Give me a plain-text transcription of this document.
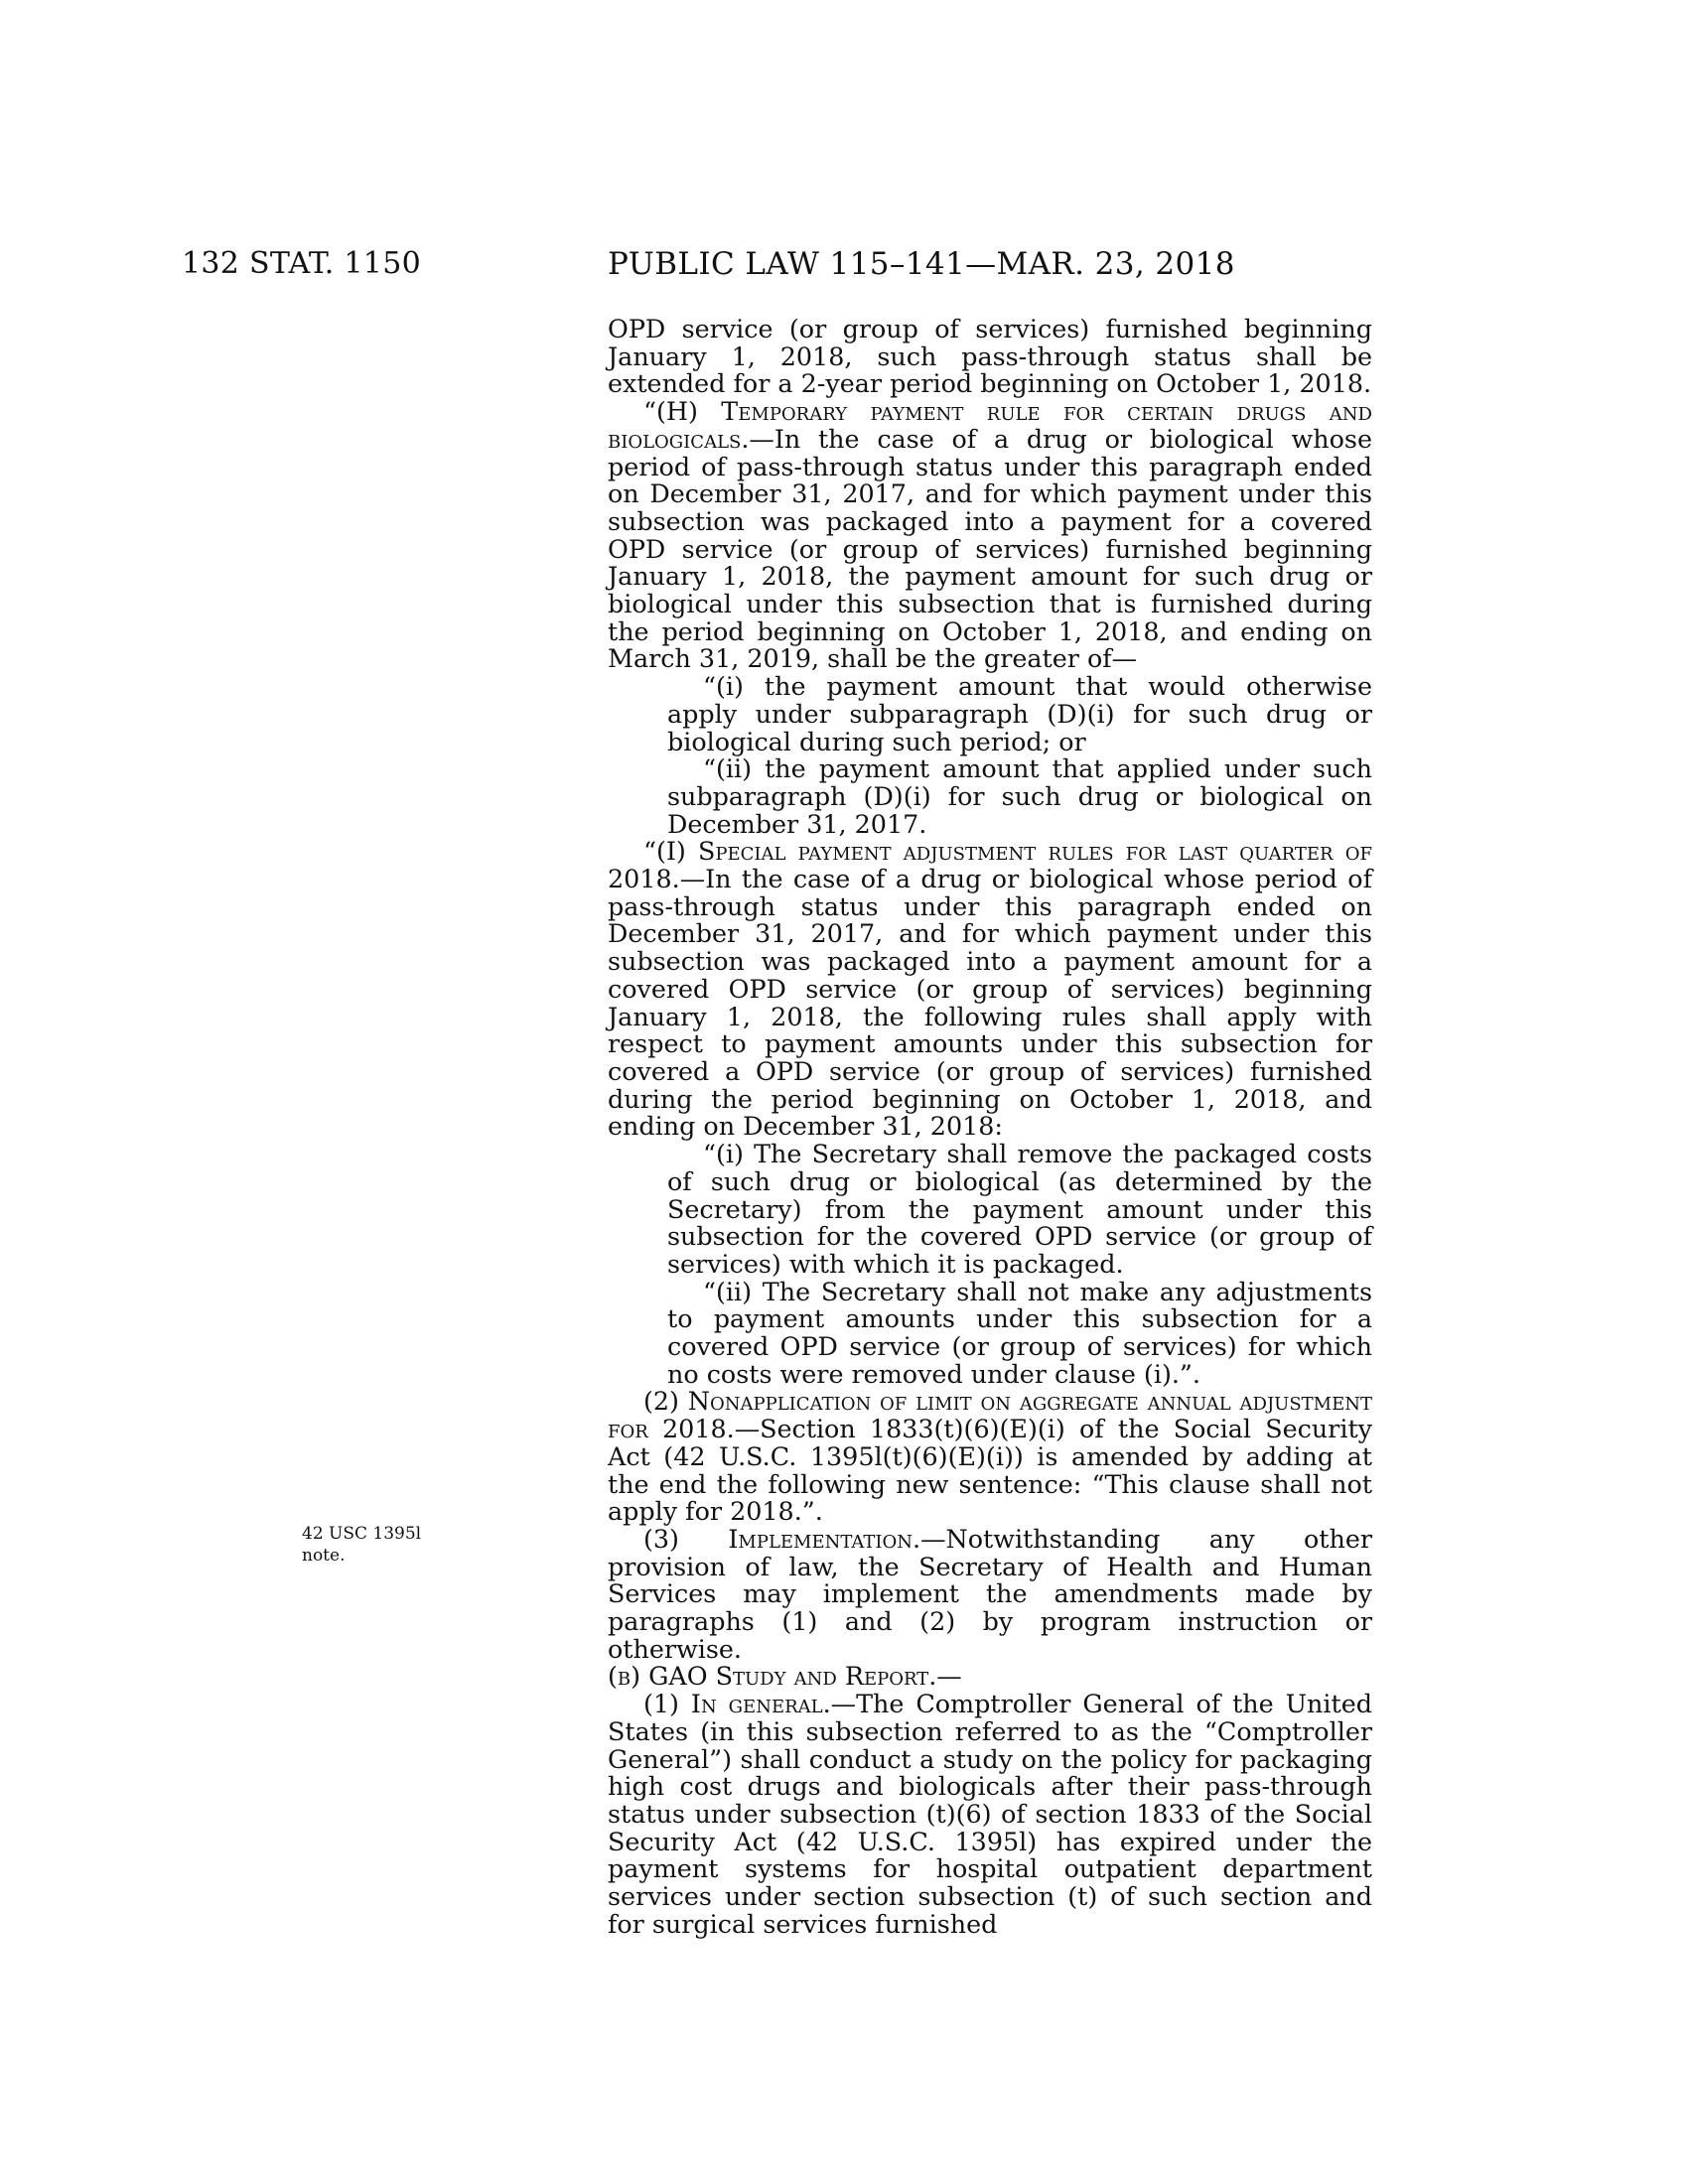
132 STAT. 1150	PUBLIC LAW 115–141—MAR. 23, 2018
42 USC 1395l
note.

OPD service (or group of services) furnished beginning January 1, 2018, such pass-through status shall be extended for a 2-year period beginning on October 1, 2018.

“(H) Temporary payment rule for certain drugs and biologicals.—In the case of a drug or biological whose period of pass-through status under this paragraph ended on December 31, 2017, and for which payment under this subsection was packaged into a payment for a covered OPD service (or group of services) furnished beginning January 1, 2018, the payment amount for such drug or biological under this subsection that is furnished during the period beginning on October 1, 2018, and ending on March 31, 2019, shall be the greater of—

“(i) the payment amount that would otherwise apply under subparagraph (D)(i) for such drug or biological during such period; or

“(ii) the payment amount that applied under such subparagraph (D)(i) for such drug or biological on December 31, 2017.

“(I) Special payment adjustment rules for last quarter of 2018.—In the case of a drug or biological whose period of pass-through status under this paragraph ended on December 31, 2017, and for which payment under this subsection was packaged into a payment amount for a covered OPD service (or group of services) beginning January 1, 2018, the following rules shall apply with respect to payment amounts under this subsection for covered a OPD service (or group of services) furnished during the period beginning on October 1, 2018, and ending on December 31, 2018:

“(i) The Secretary shall remove the packaged costs of such drug or biological (as determined by the Secretary) from the payment amount under this subsection for the covered OPD service (or group of services) with which it is packaged.

“(ii) The Secretary shall not make any adjustments to payment amounts under this subsection for a covered OPD service (or group of services) for which no costs were removed under clause (i).”.

(2) Nonapplication of limit on aggregate annual adjustment for 2018.—Section 1833(t)(6)(E)(i) of the Social Security Act (42 U.S.C. 1395l(t)(6)(E)(i)) is amended by adding at the end the following new sentence: “This clause shall not apply for 2018.”.

(3) Implementation.—Notwithstanding any other provision of law, the Secretary of Health and Human Services may implement the amendments made by paragraphs (1) and (2) by program instruction or otherwise.

(b) GAO Study and Report.—

(1) In general.—The Comptroller General of the United States (in this subsection referred to as the “Comptroller General”) shall conduct a study on the policy for packaging high cost drugs and biologicals after their pass-through status under subsection (t)(6) of section 1833 of the Social Security Act (42 U.S.C. 1395l) has expired under the payment systems for hospital outpatient department services under section subsection (t) of such section and for surgical services furnished
